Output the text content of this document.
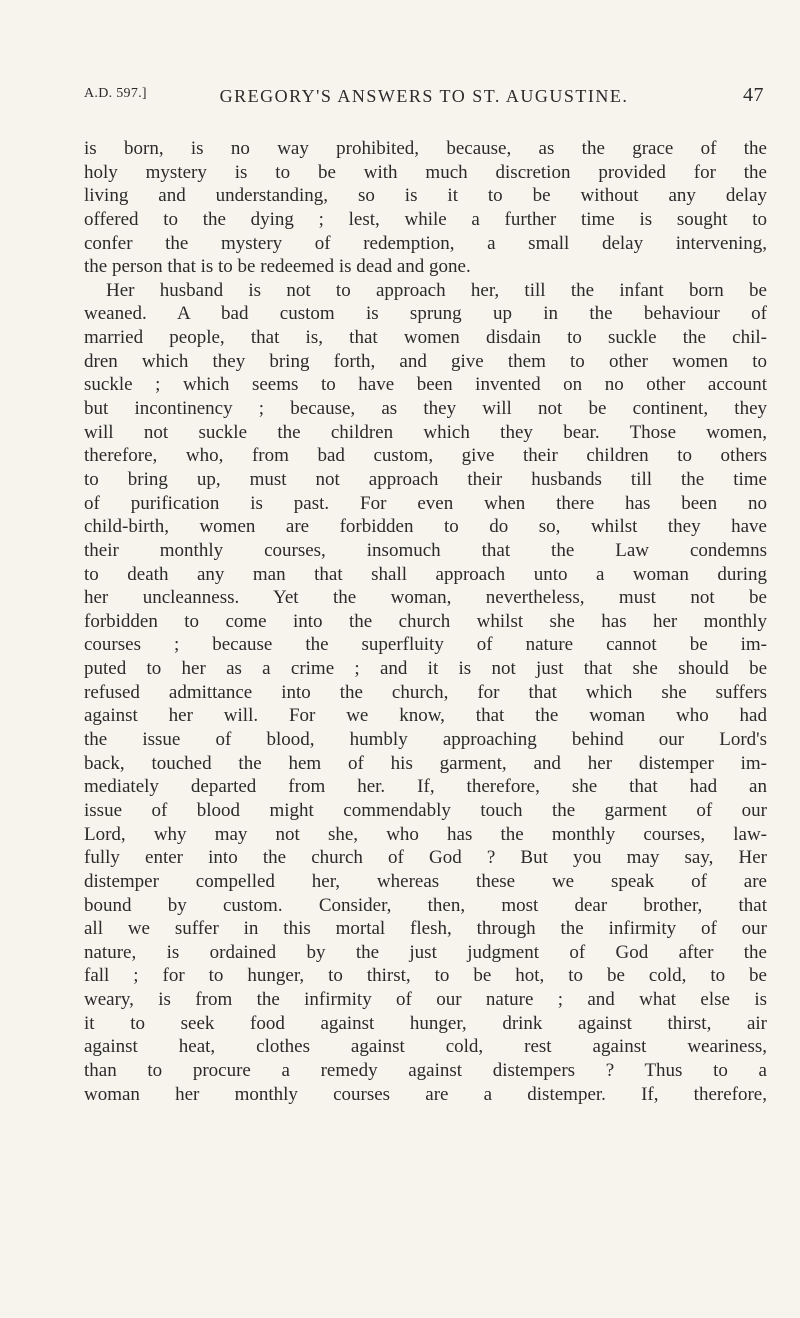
A.D. 597.]	GREGORY'S ANSWERS TO ST. AUGUSTINE.	47
is born, is no way prohibited, because, as the grace of the
holy mystery is to be with much discretion provided for the
living and understanding, so is it to be without any delay
offered to the dying ; lest, while a further time is sought to
confer the mystery of redemption, a small delay intervening,
the person that is to be redeemed is dead and gone.
Her husband is not to approach her, till the infant born be
weaned. A bad custom is sprung up in the behaviour of
married people, that is, that women disdain to suckle the chil-
dren which they bring forth, and give them to other women to
suckle ; which seems to have been invented on no other account
but incontinency ; because, as they will not be continent, they
will not suckle the children which they bear. Those women,
therefore, who, from bad custom, give their children to others
to bring up, must not approach their husbands till the time
of purification is past. For even when there has been no
child-birth, women are forbidden to do so, whilst they have
their monthly courses, insomuch that the Law condemns
to death any man that shall approach unto a woman during
her uncleanness. Yet the woman, nevertheless, must not be
forbidden to come into the church whilst she has her monthly
courses ; because the superfluity of nature cannot be im-
puted to her as a crime ; and it is not just that she should be
refused admittance into the church, for that which she suffers
against her will. For we know, that the woman who had
the issue of blood, humbly approaching behind our Lord's
back, touched the hem of his garment, and her distemper im-
mediately departed from her. If, therefore, she that had an
issue of blood might commendably touch the garment of our
Lord, why may not she, who has the monthly courses, law-
fully enter into the church of God ? But you may say, Her
distemper compelled her, whereas these we speak of are
bound by custom. Consider, then, most dear brother, that
all we suffer in this mortal flesh, through the infirmity of our
nature, is ordained by the just judgment of God after the
fall ; for to hunger, to thirst, to be hot, to be cold, to be
weary, is from the infirmity of our nature ; and what else is
it to seek food against hunger, drink against thirst, air
against heat, clothes against cold, rest against weariness,
than to procure a remedy against distempers ? Thus to a
woman her monthly courses are a distemper. If, therefore,
